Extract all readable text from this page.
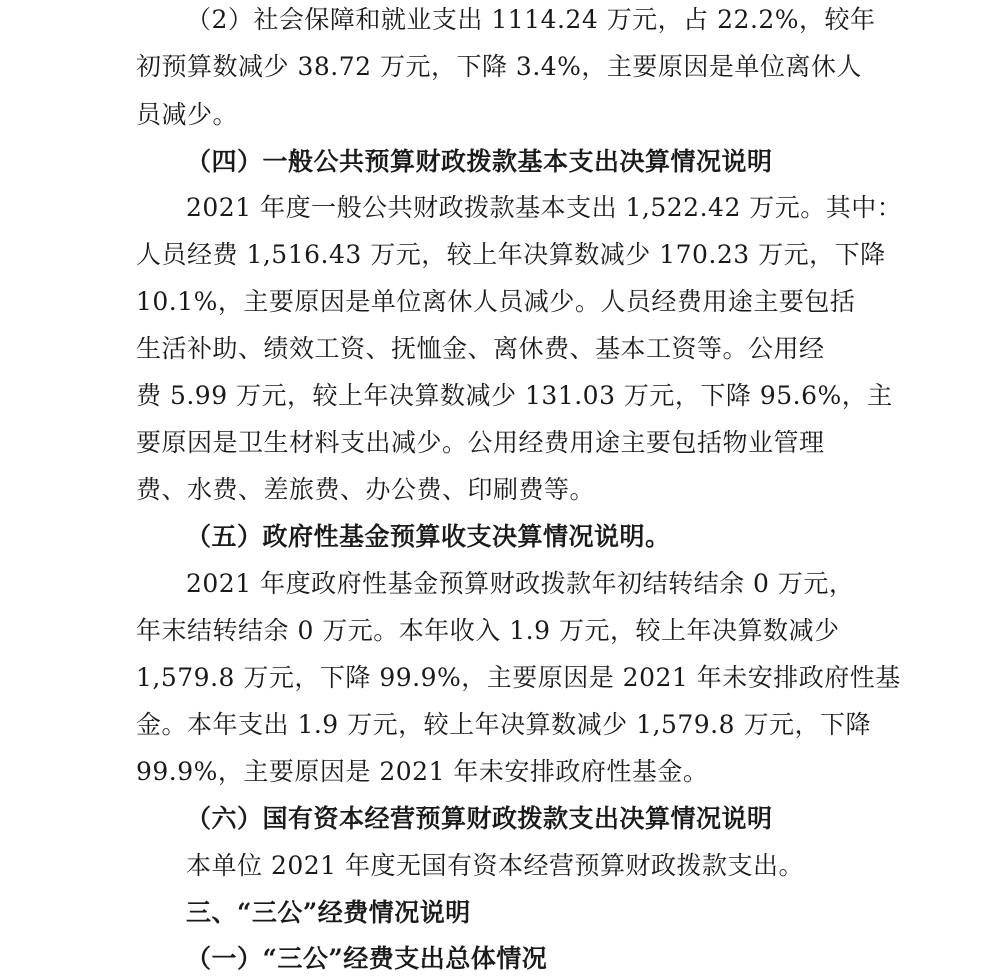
（2）社会保障和就业支出 1114.24 万元，占 22.2%，较年
初预算数减少 38.72 万元，下降 3.4%，主要原因是单位离休人
员减少。
（四）一般公共预算财政拨款基本支出决算情况说明
2021 年度一般公共财政拨款基本支出 1,522.42 万元。其中：
人员经费 1,516.43 万元，较上年决算数减少 170.23 万元，下降
10.1%，主要原因是单位离休人员减少。人员经费用途主要包括
生活补助、绩效工资、抚恤金、离休费、基本工资等。公用经
费 5.99 万元，较上年决算数减少 131.03 万元，下降 95.6%，主
要原因是卫生材料支出减少。公用经费用途主要包括物业管理
费、水费、差旅费、办公费、印刷费等。
（五）政府性基金预算收支决算情况说明。
2021 年度政府性基金预算财政拨款年初结转结余 0 万元，
年末结转结余 0 万元。本年收入 1.9 万元，较上年决算数减少
1,579.8 万元，下降 99.9%，主要原因是 2021 年未安排政府性基
金。本年支出 1.9 万元，较上年决算数减少 1,579.8 万元，下降
99.9%，主要原因是 2021 年未安排政府性基金。
（六）国有资本经营预算财政拨款支出决算情况说明
本单位 2021 年度无国有资本经营预算财政拨款支出。
三、“三公”经费情况说明
（一）“三公”经费支出总体情况
